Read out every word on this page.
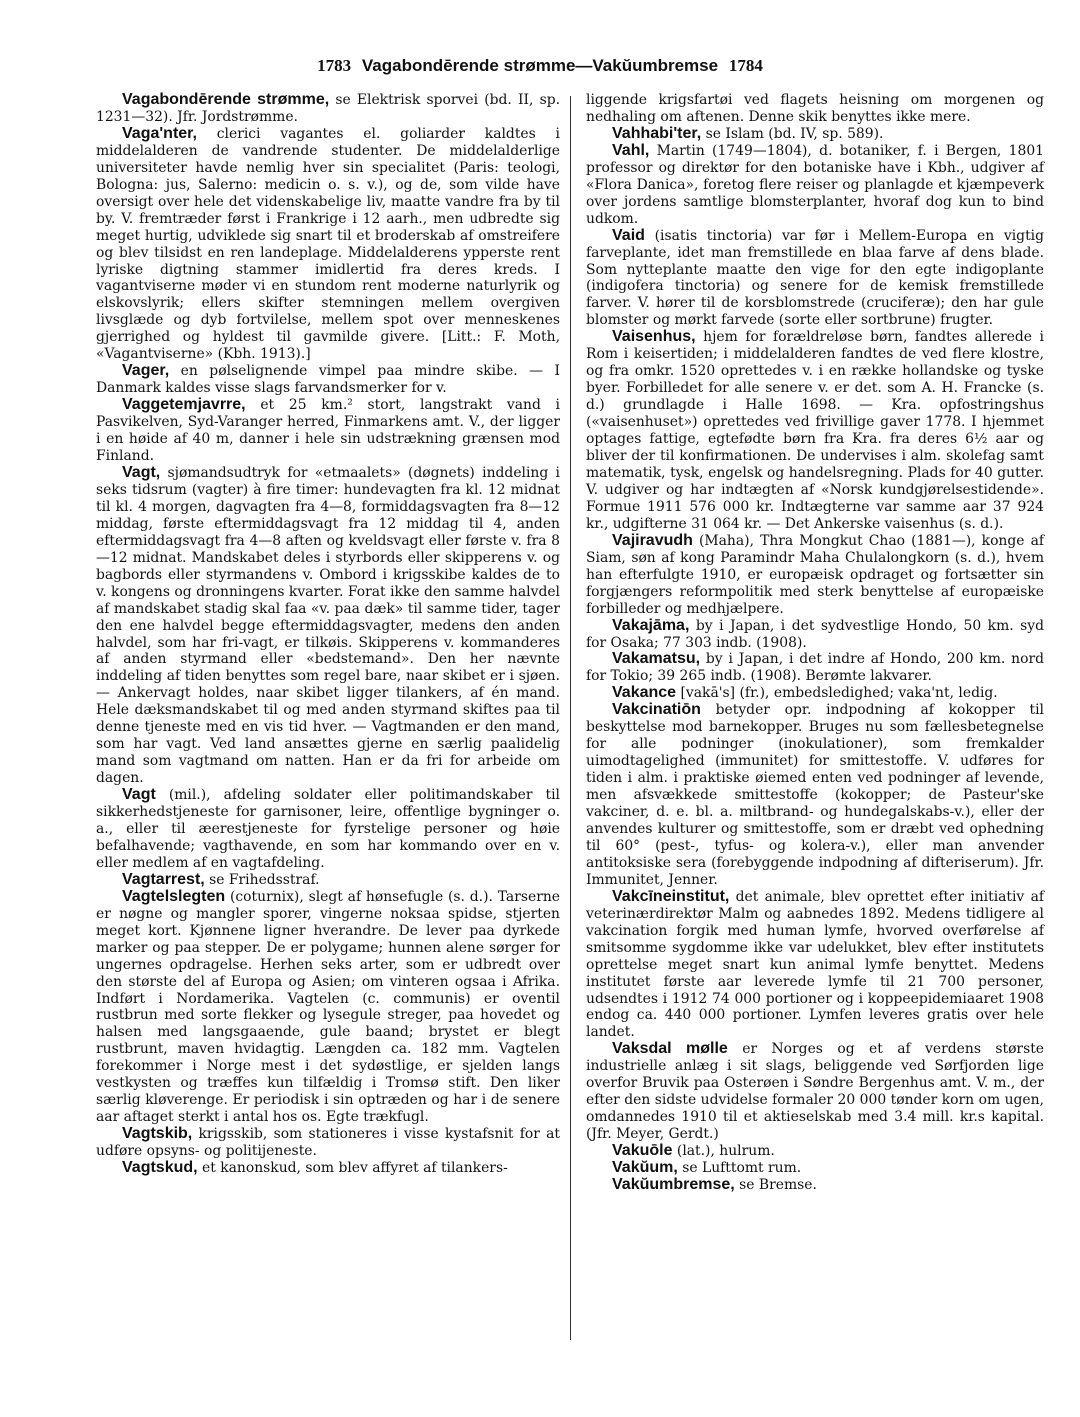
1783 Vagabondērende strømme—Vakŭumbremse 1784

Vagabondērende strømme, se Elektrisk sporvei (bd. II, sp. 1231—32). Jfr. Jordstrømme.

Vaga'nter, clerici vagantes el. goliarder kaldtes i middelalderen de vandrende studenter. De middelalderlige universiteter havde nemlig hver sin specialitet (Paris: teologi, Bologna: jus, Salerno: medicin o. s. v.), og de, som vilde have oversigt over hele det videnskabelige liv, maatte vandre fra by til by. V. fremtræder først i Frankrige i 12 aarh., men udbredte sig meget hurtig, udviklede sig snart til et broderskab af omstreifere og blev tilsidst en ren landeplage. Middelalderens ypperste rent lyriske digtning stammer imidlertid fra deres kreds. I vagantviserne møder vi en stundom rent moderne naturlyrik og elskovslyrik; ellers skifter stemningen mellem overgiven livsglæde og dyb fortvilelse, mellem spot over menneskenes gjerrighed og hyldest til gavmilde givere. [Litt.: F. Moth, «Vagantviserne» (Kbh. 1913).]

Vager, en pølselignende vimpel paa mindre skibe. — I Danmark kaldes visse slags farvandsmerker for v.

Vaggetemjavrre, et 25 km.² stort, langstrakt vand i Pasvikelven, Syd-Varanger herred, Finmarkens amt. V., der ligger i en høide af 40 m, danner i hele sin udstrækning grænsen mod Finland.

Vagt, sjømandsudtryk for «etmaalets» (døgnets) inddeling i seks tidsrum (vagter) à fire timer: hundevagten fra kl. 12 midnat til kl. 4 morgen, dagvagten fra 4—8, formiddagsvagten fra 8—12 middag, første eftermiddagsvagt fra 12 middag til 4, anden eftermiddagsvagt fra 4—8 aften og kveldsvagt eller første v. fra 8—12 midnat. Mandskabet deles i styrbords eller skipperens v. og bagbords eller styrmandens v. Ombord i krigsskibe kaldes de to v. kongens og dronningens kvarter. Forat ikke den samme halvdel af mandskabet stadig skal faa «v. paa dæk» til samme tider, tager den ene halvdel begge eftermiddagsvagter, medens den anden halvdel, som har fri-vagt, er tilkøis. Skipperens v. kommanderes af anden styrmand eller «bedstemand». Den her nævnte inddeling af tiden benyttes som regel bare, naar skibet er i sjøen. — Ankervagt holdes, naar skibet ligger tilankers, af én mand. Hele dæksmandskabet til og med anden styrmand skiftes paa til denne tjeneste med en vis tid hver. — Vagtmanden er den mand, som har vagt. Ved land ansættes gjerne en særlig paalidelig mand som vagtmand om natten. Han er da fri for arbeide om dagen.

Vagt (mil.), afdeling soldater eller politimandskaber til sikkerhedstjeneste for garnisoner, leire, offentlige bygninger o. a., eller til æerestjeneste for fyrstelige personer og høie befalhavende; vagthavende, en som har kommando over en v. eller medlem af en vagtafdeling.

Vagtarrest, se Frihedsstraf.

Vagtelslegten (coturnix), slegt af hønsefugle (s. d.). Tarserne er nøgne og mangler sporer, vingerne noksaa spidse, stjerten meget kort. Kjønnene ligner hverandre. De lever paa dyrkede marker og paa stepper. De er polygame; hunnen alene sørger for ungernes opdragelse. Herhen seks arter, som er udbredt over den største del af Europa og Asien; om vinteren ogsaa i Afrika. Indført i Nordamerika. Vagtelen (c. communis) er oventil rustbrun med sorte flekker og lysegule streger, paa hovedet og halsen med langsgaaende, gule baand; brystet er blegt rustbrunt, maven hvidagtig. Længden ca. 182 mm. Vagtelen forekommer i Norge mest i det sydøstlige, er sjelden langs vestkysten og træffes kun tilfældig i Tromsø stift. Den liker særlig kløverenge. Er periodisk i sin optræden og har i de senere aar aftaget sterkt i antal hos os. Egte trækfugl.

Vagtskib, krigsskib, som stationeres i visse kystafsnit for at udføre opsyns- og politijeneste.

Vagtskud, et kanonskud, som blev affyret af tilankers-

liggende krigsfartøi ved flagets heisning om morgenen og nedhaling om aftenen. Denne skik benyttes ikke mere.

Vahhabi'ter, se Islam (bd. IV, sp. 589).

Vahl, Martin (1749—1804), d. botaniker, f. i Bergen, 1801 professor og direktør for den botaniske have i Kbh., udgiver af «Flora Danica», foretog flere reiser og planlagde et kjæmpeverk over jordens samtlige blomsterplanter, hvoraf dog kun to bind udkom.

Vaid (isatis tinctoria) var før i Mellem-Europa en vigtig farveplante, idet man fremstillede en blaa farve af dens blade. Som nytteplante maatte den vige for den egte indigoplante (indigofera tinctoria) og senere for de kemisk fremstillede farver. V. hører til de korsblomstrede (cruciferæ); den har gule blomster og mørkt farvede (sorte eller sortbrune) frugter.

Vaisenhus, hjem for forældreløse børn, fandtes allerede i Rom i keisertiden; i middelalderen fandtes de ved flere klostre, og fra omkr. 1520 oprettedes v. i en række hollandske og tyske byer. Forbilledet for alle senere v. er det. som A. H. Francke (s. d.) grundlagde i Halle 1698. — Kra. opfostringshus («vaisenhuset») oprettedes ved frivillige gaver 1778. I hjemmet optages fattige, egtefødte børn fra Kra. fra deres 6½ aar og bliver der til konfirmationen. De undervises i alm. skolefag samt matematik, tysk, engelsk og handelsregning. Plads for 40 gutter. V. udgiver og har indtægten af «Norsk kundgjørelsestidende». Formue 1911 576 000 kr. Indtægterne var samme aar 37 924 kr., udgifterne 31 064 kr. — Det Ankerske vaisenhus (s. d.).

Vajiravudh (Maha), Thra Mongkut Chao (1881—), konge af Siam, søn af kong Paramindr Maha Chulalongkorn (s. d.), hvem han efterfulgte 1910, er europæisk opdraget og fortsætter sin forgjængers reformpolitik med sterk benyttelse af europæiske forbilleder og medhjælpere.

Vakajāma, by i Japan, i det sydvestlige Hondo, 50 km. syd for Osaka; 77 303 indb. (1908).

Vakamatsu, by i Japan, i det indre af Hondo, 200 km. nord for Tokio; 39 265 indb. (1908). Berømte lakvarer.

Vakance [vakā's] (fr.), embedsledighed; vaka'nt, ledig.

Vakcinatiōn betyder opr. indpodning af kokopper til beskyttelse mod barnekopper. Bruges nu som fællesbetegnelse for alle podninger (inokulationer), som fremkalder uimodtagelighed (immunitet) for smittestoffe. V. udføres for tiden i alm. i praktiske øiemed enten ved podninger af levende, men afsvækkede smittestoffe (kokopper; de Pasteur'ske vakciner, d. e. bl. a. miltbrand- og hundegalskabs-v.), eller der anvendes kulturer og smittestoffe, som er dræbt ved ophedning til 60° (pest-, tyfus- og kolera-v.), eller man anvender antitoksiske sera (forebyggende indpodning af difteriserum). Jfr. Immunitet, Jenner.

Vakcīneinstitut, det animale, blev oprettet efter initiativ af veterinærdirektør Malm og aabnedes 1892. Medens tidligere al vakcination forgik med human lymfe, hvorved overførelse af smitsomme sygdomme ikke var udelukket, blev efter institutets oprettelse meget snart kun animal lymfe benyttet. Medens institutet første aar leverede lymfe til 21 700 personer, udsendtes i 1912 74 000 portioner og i koppeepidemiaaret 1908 endog ca. 440 000 portioner. Lymfen leveres gratis over hele landet.

Vaksdal mølle er Norges og et af verdens største industrielle anlæg i sit slags, beliggende ved Sørfjorden lige overfor Bruvik paa Osterøen i Søndre Bergenhus amt. V. m., der efter den sidste udvidelse formaler 20 000 tønder korn om ugen, omdannedes 1910 til et aktieselskab med 3.4 mill. kr.s kapital. (Jfr. Meyer, Gerdt.)

Vakuōle (lat.), hulrum.

Vakŭum, se Lufttomt rum.

Vakŭumbremse, se Bremse.
